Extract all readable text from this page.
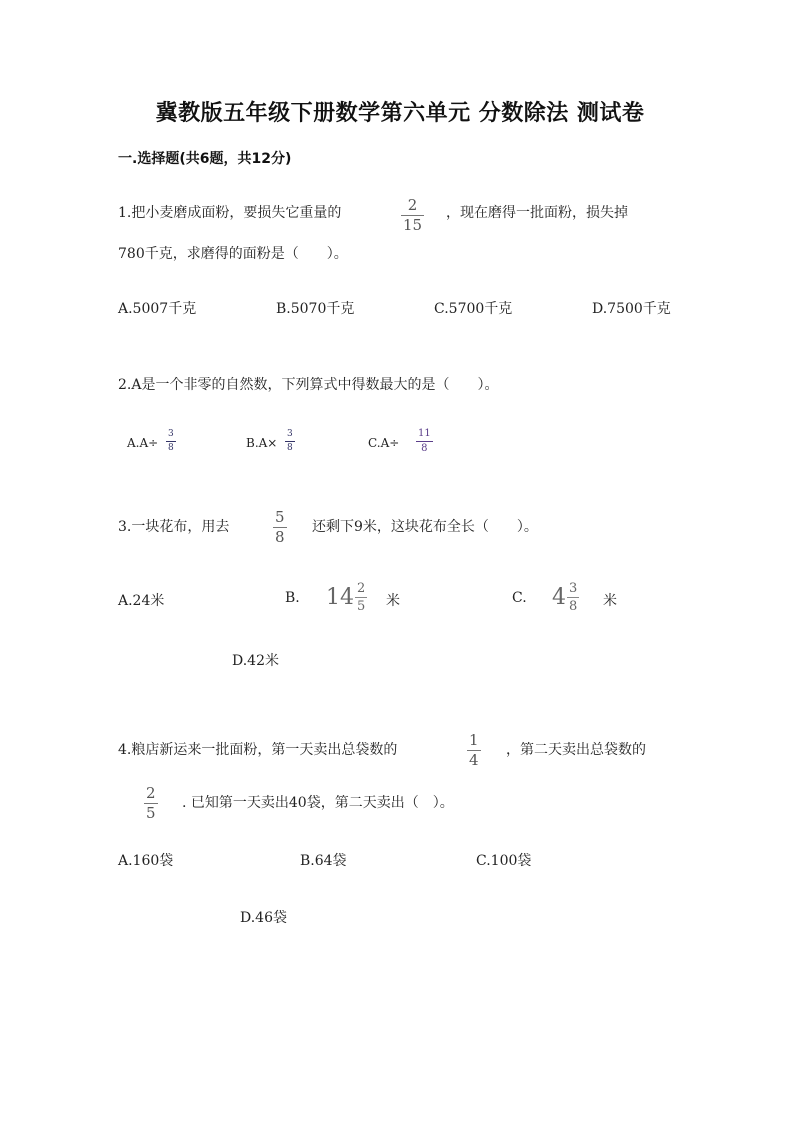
冀教版五年级下册数学第六单元 分数除法 测试卷
一.选择题(共6题，共12分)
1.把小麦磨成面粉，要损失它重量的	2
15
，现在磨得一批面粉，损失掉
780千克，求磨得的面粉是（　　）。
A.5007千克	B.5070千克	C.5700千克	D.7500千克
2.A是一个非零的自然数，下列算式中得数最大的是（　　）。
A.A÷
3
8	B.A×
3
8	C.A÷
11
8
3.一块花布，用去
5
8
还剩下9米，这块花布全长（　　）。
A.24米	B. $14 \frac{2}{5}$ 米	C. $4 \frac{3}{8}$ 米
D.42米
4.粮店新运来一批面粉，第一天卖出总袋数的
1
4
，第二天卖出总袋数的
2
5
. 已知第一天卖出40袋，第二天卖出（　）。
A.160袋	B.64袋	C.100袋
D.46袋
